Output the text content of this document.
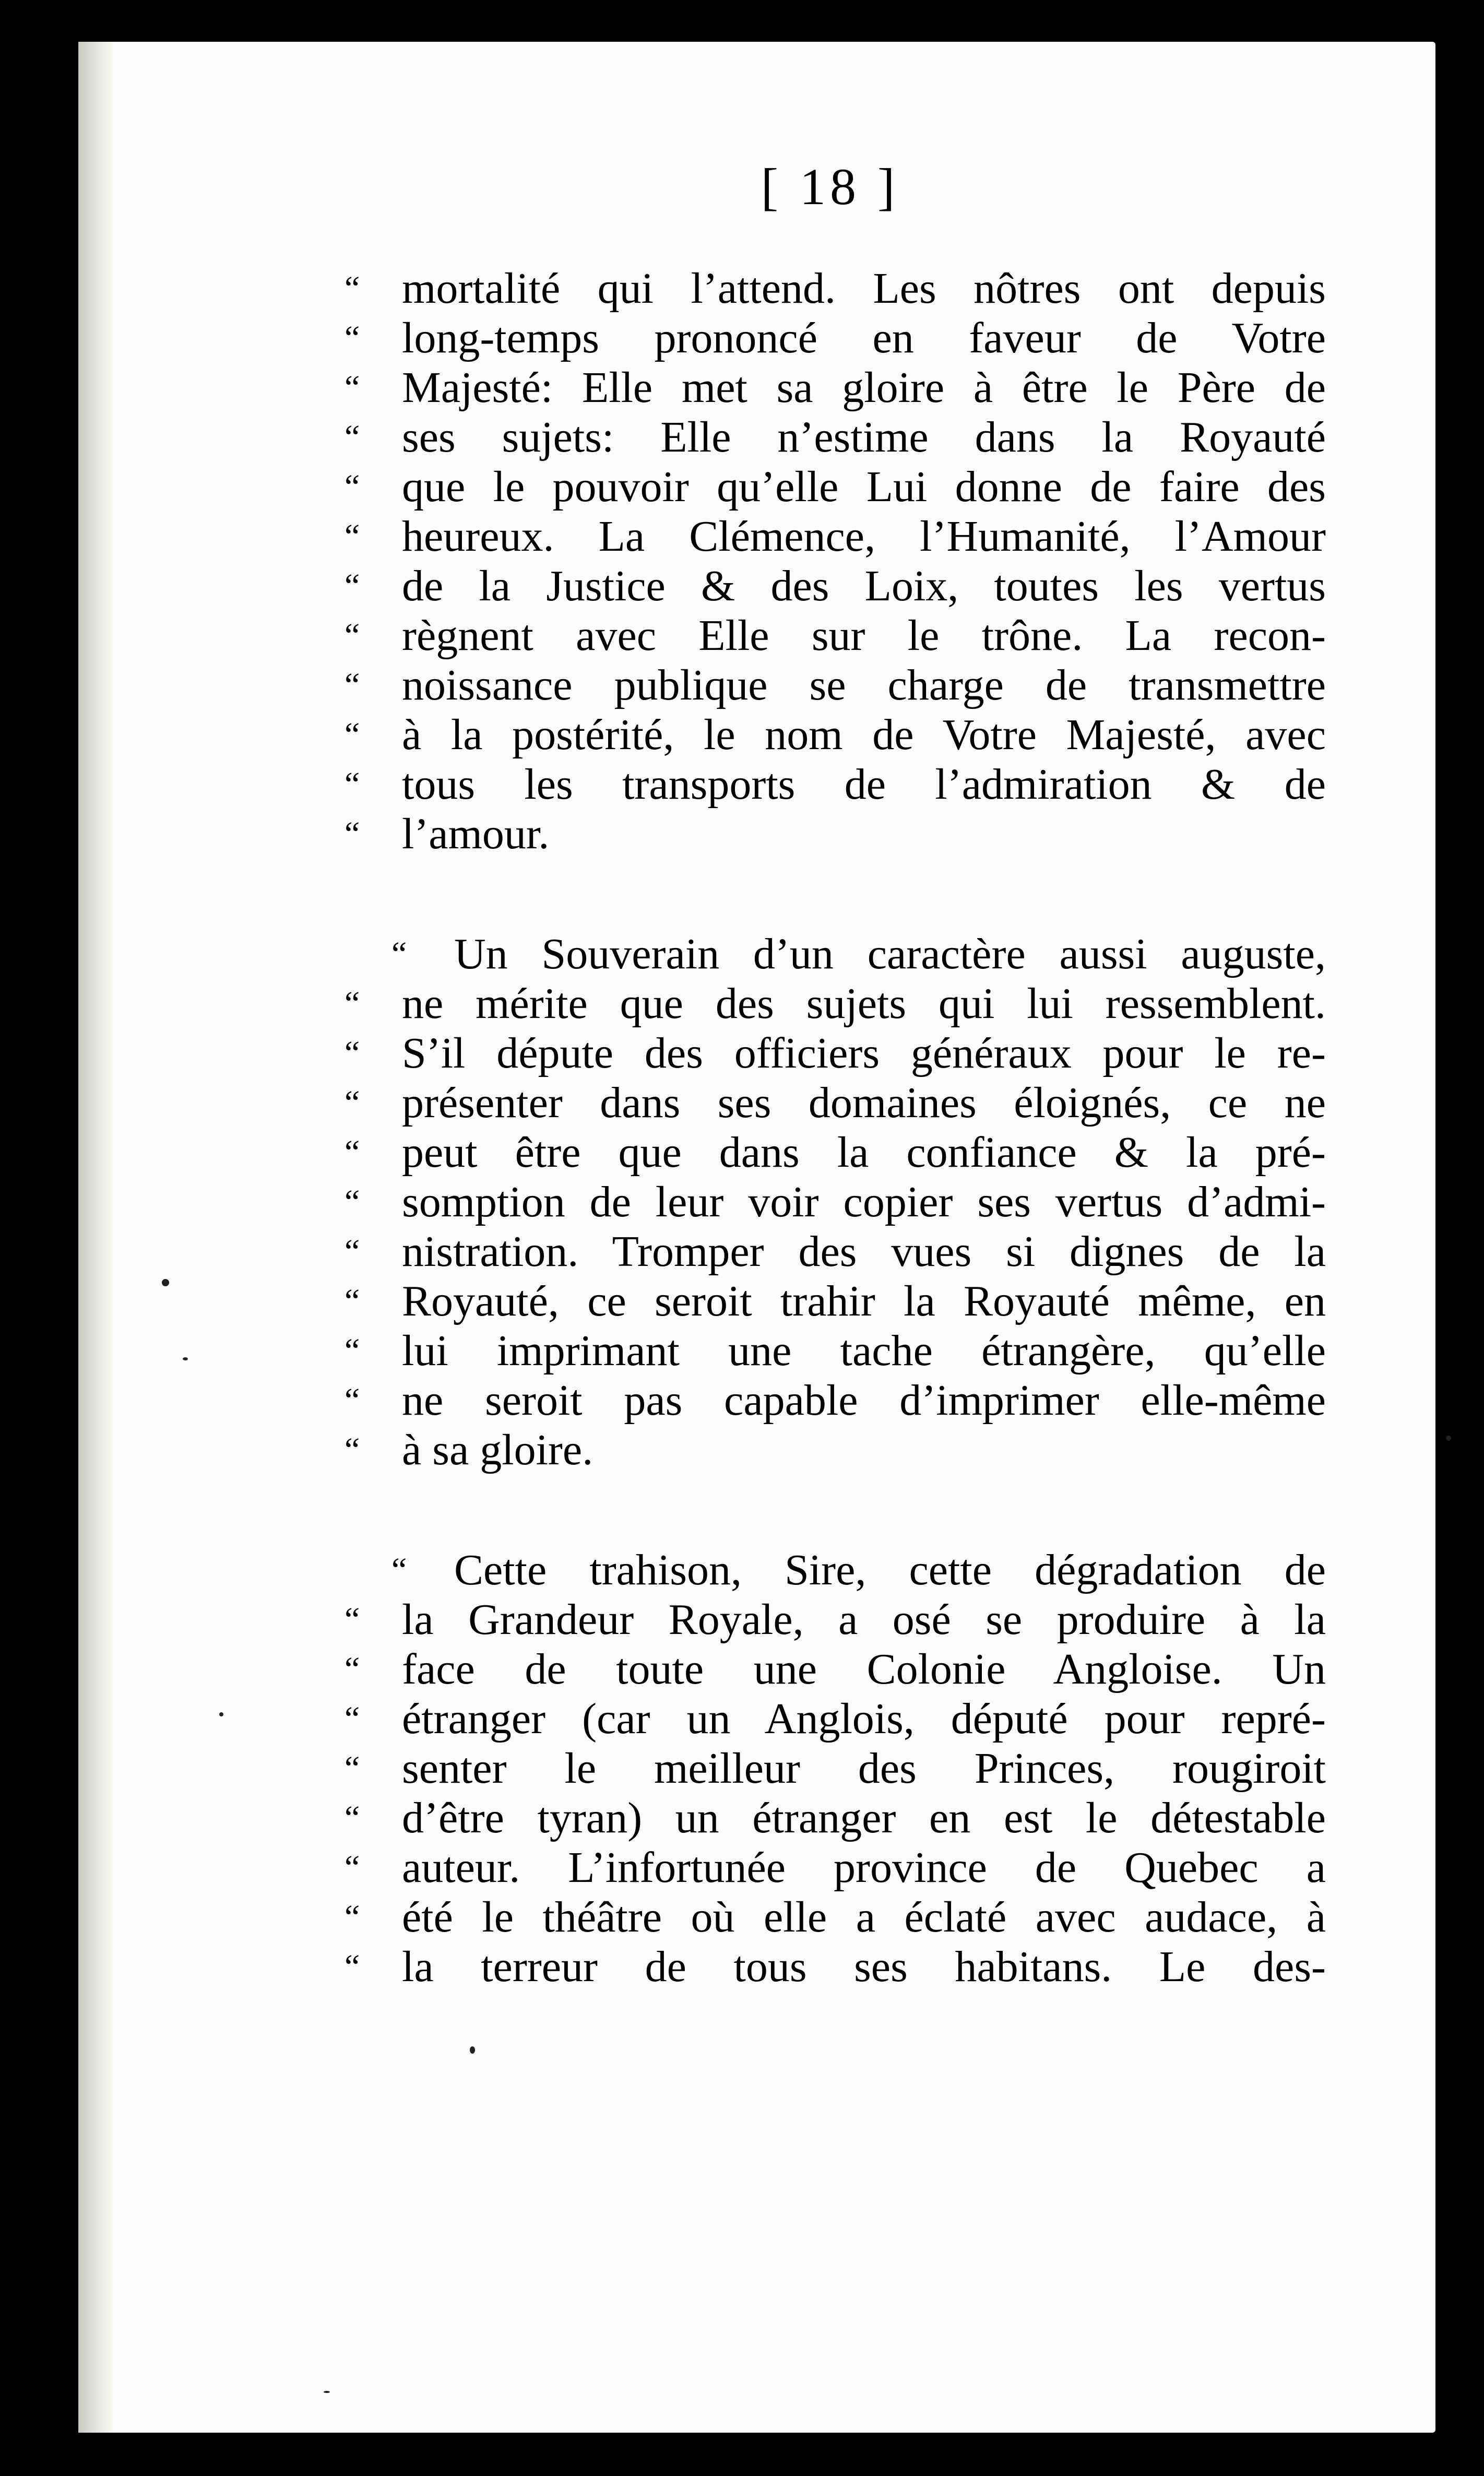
[ 18 ]
“ mortalité qui l’attend. Les nôtres ont depuis
“ long-temps prononcé en faveur de Votre
“ Majesté: Elle met sa gloire à être le Père de
“ ses sujets: Elle n’estime dans la Royauté
“ que le pouvoir qu’elle Lui donne de faire des
“ heureux. La Clémence, l’Humanité, l’Amour
“ de la Justice & des Loix, toutes les vertus
“ règnent avec Elle sur le trône. La recon-
“ noissance publique se charge de transmettre
“ à la postérité, le nom de Votre Majesté, avec
“ tous les transports de l’admiration & de
“ l’amour.
“ Un Souverain d’un caractère aussi auguste,
“ ne mérite que des sujets qui lui ressemblent.
“ S’il députe des officiers généraux pour le re-
“ présenter dans ses domaines éloignés, ce ne
“ peut être que dans la confiance & la pré-
“ somption de leur voir copier ses vertus d’admi-
“ nistration. Tromper des vues si dignes de la
“ Royauté, ce seroit trahir la Royauté même, en
“ lui imprimant une tache étrangère, qu’elle
“ ne seroit pas capable d’imprimer elle-même
“ à sa gloire.
“ Cette trahison, Sire, cette dégradation de
“ la Grandeur Royale, a osé se produire à la
“ face de toute une Colonie Angloise. Un
“ étranger (car un Anglois, député pour repré-
“ senter le meilleur des Princes, rougiroit
“ d’être tyran) un étranger en est le détestable
“ auteur. L’infortunée province de Quebec a
“ été le théâtre où elle a éclaté avec audace, à
“ la terreur de tous ses habitans. Le des-
